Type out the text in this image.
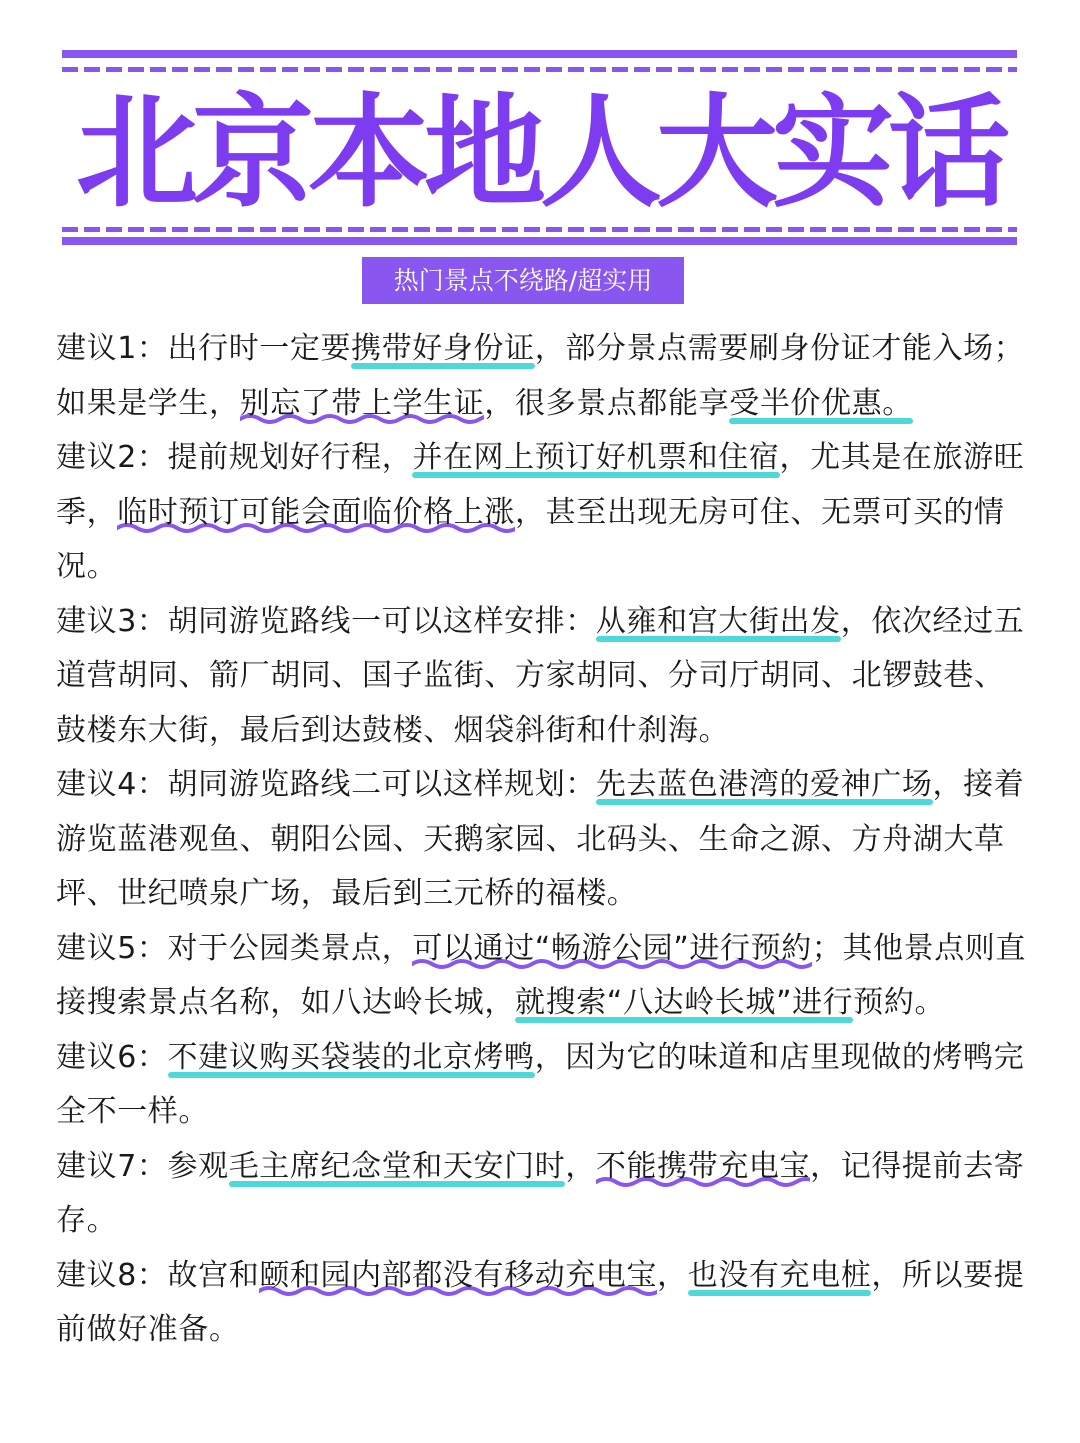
北京本地人大实话
热门景点不绕路/超实用

建议1：出行时一定要携带好身份证，部分景点需要刷身份证才能入场；如果是学生，别忘了带上学生证，很多景点都能享受半价优惠。

建议2：提前规划好行程，并在网上预订好机票和住宿，尤其是在旅游旺季，临时预订可能会面临价格上涨，甚至出现无房可住、无票可买的情况。

建议3：胡同游览路线一可以这样安排：从雍和宫大街出发，依次经过五道营胡同、箭厂胡同、国子监街、方家胡同、分司厅胡同、北锣鼓巷、鼓楼东大街，最后到达鼓楼、烟袋斜街和什刹海。

建议4：胡同游览路线二可以这样规划：先去蓝色港湾的爱神广场，接着游览蓝港观鱼、朝阳公园、天鹅家园、北码头、生命之源、方舟湖大草坪、世纪喷泉广场，最后到三元桥的福楼。

建议5：对于公园类景点，可以通过“畅游公园”进行预約；其他景点则直接搜索景点名称，如八达岭长城，就搜索“八达岭长城”进行预約。

建议6：不建议购买袋装的北京烤鸭，因为它的味道和店里现做的烤鸭完全不一样。

建议7：参观毛主席纪念堂和天安门时，不能携带充电宝，记得提前去寄存。

建议8：故宫和颐和园内部都没有移动充电宝，也没有充电桩，所以要提前做好准备。
